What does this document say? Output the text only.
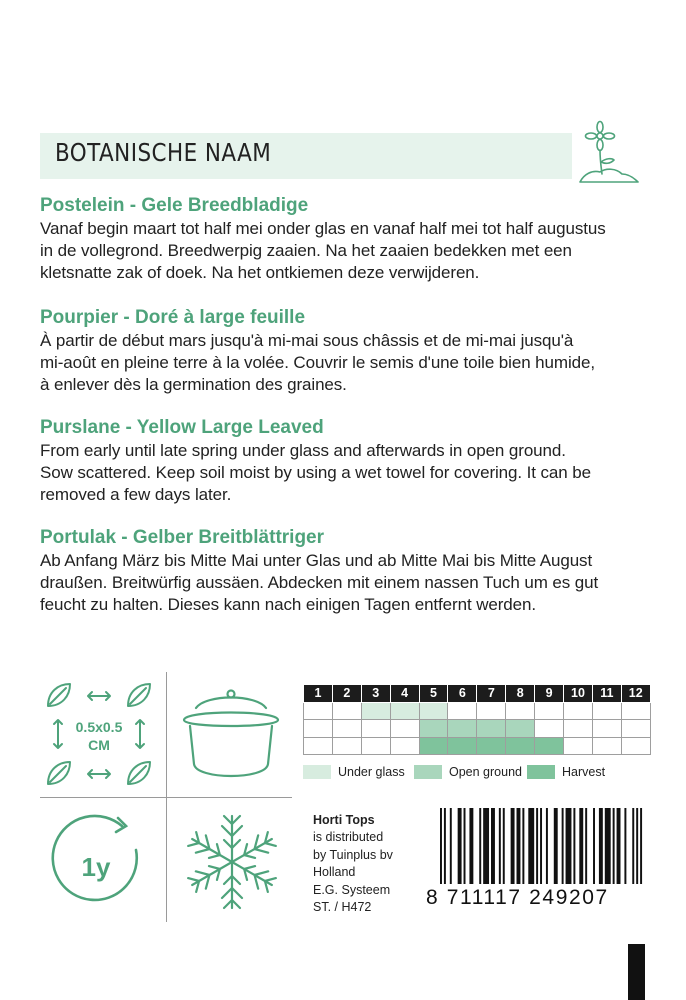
BOTANISCHE NAAM
Postelein - Gele Breedbladige
Vanaf begin maart tot half mei onder glas en vanaf half mei tot half augustus
in de vollegrond. Breedwerpig zaaien. Na het zaaien bedekken met een
kletsnatte zak of doek. Na het ontkiemen deze verwijderen.
Pourpier - Doré à large feuille
À partir de début mars jusqu'à mi-mai sous châssis et de mi-mai jusqu'à
mi-août en pleine terre à la volée. Couvrir le semis d'une toile bien humide,
à enlever dès la germination des graines.
Purslane - Yellow Large Leaved
From early until late spring under glass and afterwards in open ground.
Sow scattered. Keep soil moist by using a wet towel for covering. It can be
removed a few days later.
Portulak - Gelber Breitblättriger
Ab Anfang März bis Mitte Mai unter Glas und ab Mitte Mai bis Mitte August
draußen. Breitwürfig aussäen. Abdecken mit einem nassen Tuch um es gut
feucht zu halten. Dieses kann nach einigen Tagen entfernt werden.
0.5x0.5
CM
1y
1	2	3	4	5	6	7	8	9	10	11	12

Under glass	Open ground	Harvest
Horti Tops
is distributed
by Tuinplus bv
Holland
E.G. Systeem
ST. / H472	8 711117 249207
